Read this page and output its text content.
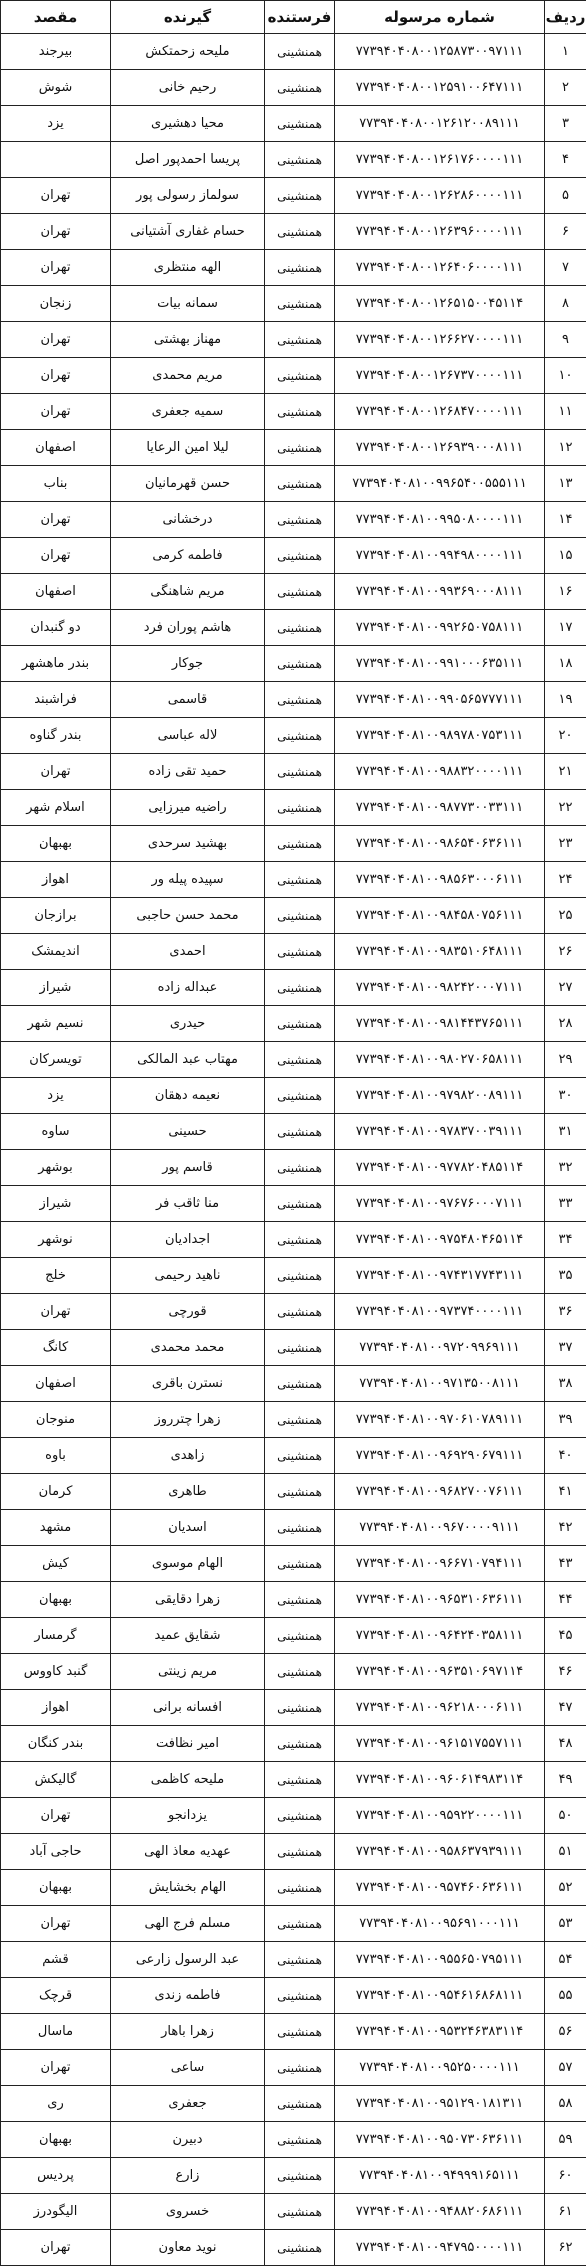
ردیف	شماره مرسوله	فرستنده	گیرنده	مقصد
۱	۷۷۳۹۴۰۴۰۸۰۰۱۲۵۸۷۳۰۰۹۷۱۱۱	همنشینی	ملیحه زحمتکش	بیرجند
۲	۷۷۳۹۴۰۴۰۸۰۰۱۲۵۹۱۰۰۶۴۷۱۱۱	همنشینی	رحیم خانی	شوش
۳	۷۷۳۹۴۰۴۰۸۰۰۱۲۶۱۲۰۰۸۹۱۱۱	همنشینی	محیا دهشیری	یزد
۴	۷۷۳۹۴۰۴۰۸۰۰۱۲۶۱۷۶۰۰۰۰۱۱۱	همنشینی	پریسا احمدپور اصل	
۵	۷۷۳۹۴۰۴۰۸۰۰۱۲۶۲۸۶۰۰۰۰۱۱۱	همنشینی	سولماز رسولی پور	تهران
۶	۷۷۳۹۴۰۴۰۸۰۰۱۲۶۳۹۶۰۰۰۰۱۱۱	همنشینی	حسام غفاری آشتیانی	تهران
۷	۷۷۳۹۴۰۴۰۸۰۰۱۲۶۴۰۶۰۰۰۰۱۱۱	همنشینی	الهه منتظری	تهران
۸	۷۷۳۹۴۰۴۰۸۰۰۱۲۶۵۱۵۰۰۴۵۱۱۴	همنشینی	سمانه بیات	زنجان
۹	۷۷۳۹۴۰۴۰۸۰۰۱۲۶۶۲۷۰۰۰۰۱۱۱	همنشینی	مهناز بهشتی	تهران
۱۰	۷۷۳۹۴۰۴۰۸۰۰۱۲۶۷۳۷۰۰۰۰۱۱۱	همنشینی	مریم محمدی	تهران
۱۱	۷۷۳۹۴۰۴۰۸۰۰۱۲۶۸۴۷۰۰۰۰۱۱۱	همنشینی	سمیه جعفری	تهران
۱۲	۷۷۳۹۴۰۴۰۸۰۰۱۲۶۹۳۹۰۰۰۸۱۱۱	همنشینی	لیلا امین الرعایا	اصفهان
۱۳	۷۷۳۹۴۰۴۰۸۱۰۰۹۹۶۵۴۰۰۵۵۵۱۱۱	همنشینی	حسن قهرمانیان	بناب
۱۴	۷۷۳۹۴۰۴۰۸۱۰۰۹۹۵۰۸۰۰۰۰۱۱۱	همنشینی	درخشانی	تهران
۱۵	۷۷۳۹۴۰۴۰۸۱۰۰۹۹۴۹۸۰۰۰۰۱۱۱	همنشینی	فاطمه کرمی	تهران
۱۶	۷۷۳۹۴۰۴۰۸۱۰۰۹۹۳۶۹۰۰۰۸۱۱۱	همنشینی	مریم شاهنگی	اصفهان
۱۷	۷۷۳۹۴۰۴۰۸۱۰۰۹۹۲۶۵۰۷۵۸۱۱۱	همنشینی	هاشم پوران فرد	دو گنبدان
۱۸	۷۷۳۹۴۰۴۰۸۱۰۰۹۹۱۰۰۰۶۳۵۱۱۱	همنشینی	جوکار	بندر ماهشهر
۱۹	۷۷۳۹۴۰۴۰۸۱۰۰۹۹۰۵۶۵۷۷۷۱۱۱	همنشینی	قاسمی	فراشبند
۲۰	۷۷۳۹۴۰۴۰۸۱۰۰۹۸۹۷۸۰۷۵۳۱۱۱	همنشینی	لاله عباسی	بندر گناوه
۲۱	۷۷۳۹۴۰۴۰۸۱۰۰۹۸۸۳۲۰۰۰۰۱۱۱	همنشینی	حمید تقی زاده	تهران
۲۲	۷۷۳۹۴۰۴۰۸۱۰۰۹۸۷۷۳۰۰۳۳۱۱۱	همنشینی	راضیه میرزایی	اسلام شهر
۲۳	۷۷۳۹۴۰۴۰۸۱۰۰۹۸۶۵۴۰۶۳۶۱۱۱	همنشینی	بهشید سرحدی	بهبهان
۲۴	۷۷۳۹۴۰۴۰۸۱۰۰۹۸۵۶۳۰۰۰۶۱۱۱	همنشینی	سپیده پیله ور	اهواز
۲۵	۷۷۳۹۴۰۴۰۸۱۰۰۹۸۴۵۸۰۷۵۶۱۱۱	همنشینی	محمد حسن حاجبی	برازجان
۲۶	۷۷۳۹۴۰۴۰۸۱۰۰۹۸۳۵۱۰۶۴۸۱۱۱	همنشینی	احمدی	اندیمشک
۲۷	۷۷۳۹۴۰۴۰۸۱۰۰۹۸۲۴۲۰۰۰۷۱۱۱	همنشینی	عبداله زاده	شیراز
۲۸	۷۷۳۹۴۰۴۰۸۱۰۰۹۸۱۴۴۳۷۶۵۱۱۱	همنشینی	حیدری	نسیم شهر
۲۹	۷۷۳۹۴۰۴۰۸۱۰۰۹۸۰۲۷۰۶۵۸۱۱۱	همنشینی	مهتاب عبد المالکی	تویسرکان
۳۰	۷۷۳۹۴۰۴۰۸۱۰۰۹۷۹۸۲۰۰۸۹۱۱۱	همنشینی	نعیمه دهقان	یزد
۳۱	۷۷۳۹۴۰۴۰۸۱۰۰۹۷۸۳۷۰۰۳۹۱۱۱	همنشینی	حسینی	ساوه
۳۲	۷۷۳۹۴۰۴۰۸۱۰۰۹۷۷۸۲۰۴۸۵۱۱۴	همنشینی	قاسم پور	بوشهر
۳۳	۷۷۳۹۴۰۴۰۸۱۰۰۹۷۶۷۶۰۰۰۷۱۱۱	همنشینی	منا ثاقب فر	شیراز
۳۴	۷۷۳۹۴۰۴۰۸۱۰۰۹۷۵۴۸۰۴۶۵۱۱۴	همنشینی	اجدادیان	نوشهر
۳۵	۷۷۳۹۴۰۴۰۸۱۰۰۹۷۴۳۱۷۷۴۳۱۱۱	همنشینی	ناهید رحیمی	خلج
۳۶	۷۷۳۹۴۰۴۰۸۱۰۰۹۷۳۷۴۰۰۰۰۱۱۱	همنشینی	قورچی	تهران
۳۷	۷۷۳۹۴۰۴۰۸۱۰۰۹۷۲۰۹۹۶۹۱۱۱	همنشینی	محمد محمدی	کانگ
۳۸	۷۷۳۹۴۰۴۰۸۱۰۰۹۷۱۳۵۰۰۸۱۱۱	همنشینی	نسترن باقری	اصفهان
۳۹	۷۷۳۹۴۰۴۰۸۱۰۰۹۷۰۶۱۰۷۸۹۱۱۱	همنشینی	زهرا چترروز	منوجان
۴۰	۷۷۳۹۴۰۴۰۸۱۰۰۹۶۹۲۹۰۶۷۹۱۱۱	همنشینی	زاهدی	باوه
۴۱	۷۷۳۹۴۰۴۰۸۱۰۰۹۶۸۲۷۰۰۷۶۱۱۱	همنشینی	طاهری	کرمان
۴۲	۷۷۳۹۴۰۴۰۸۱۰۰۹۶۷۰۰۰۰۹۱۱۱	همنشینی	اسدیان	مشهد
۴۳	۷۷۳۹۴۰۴۰۸۱۰۰۹۶۶۷۱۰۷۹۴۱۱۱	همنشینی	الهام موسوی	کیش
۴۴	۷۷۳۹۴۰۴۰۸۱۰۰۹۶۵۳۱۰۶۳۶۱۱۱	همنشینی	زهرا دقایقی	بهبهان
۴۵	۷۷۳۹۴۰۴۰۸۱۰۰۹۶۴۲۴۰۳۵۸۱۱۱	همنشینی	شقایق عمید	گرمسار
۴۶	۷۷۳۹۴۰۴۰۸۱۰۰۹۶۳۵۱۰۶۹۷۱۱۴	همنشینی	مریم زینتی	گنبد کاووس
۴۷	۷۷۳۹۴۰۴۰۸۱۰۰۹۶۲۱۸۰۰۰۶۱۱۱	همنشینی	افسانه برانی	اهواز
۴۸	۷۷۳۹۴۰۴۰۸۱۰۰۹۶۱۵۱۷۵۵۷۱۱۱	همنشینی	امیر نظافت	بندر کنگان
۴۹	۷۷۳۹۴۰۴۰۸۱۰۰۹۶۰۶۱۴۹۸۳۱۱۴	همنشینی	ملیحه کاظمی	گالیکش
۵۰	۷۷۳۹۴۰۴۰۸۱۰۰۹۵۹۲۲۰۰۰۰۱۱۱	همنشینی	یزدانجو	تهران
۵۱	۷۷۳۹۴۰۴۰۸۱۰۰۹۵۸۶۳۷۹۳۹۱۱۱	همنشینی	عهدیه معاذ الهی	حاجی آباد
۵۲	۷۷۳۹۴۰۴۰۸۱۰۰۹۵۷۴۶۰۶۳۶۱۱۱	همنشینی	الهام بخشایش	بهبهان
۵۳	۷۷۳۹۴۰۴۰۸۱۰۰۹۵۶۹۱۰۰۰۱۱۱	همنشینی	مسلم فرج الهی	تهران
۵۴	۷۷۳۹۴۰۴۰۸۱۰۰۹۵۵۶۵۰۷۹۵۱۱۱	همنشینی	عبد الرسول زارعی	قشم
۵۵	۷۷۳۹۴۰۴۰۸۱۰۰۹۵۴۶۱۶۸۶۸۱۱۱	همنشینی	فاطمه زندی	قرچک
۵۶	۷۷۳۹۴۰۴۰۸۱۰۰۹۵۳۲۴۶۳۸۳۱۱۴	همنشینی	زهرا باهار	ماسال
۵۷	۷۷۳۹۴۰۴۰۸۱۰۰۹۵۲۵۰۰۰۰۱۱۱	همنشینی	ساعی	تهران
۵۸	۷۷۳۹۴۰۴۰۸۱۰۰۹۵۱۲۹۰۱۸۱۳۱۱	همنشینی	جعفری	ری
۵۹	۷۷۳۹۴۰۴۰۸۱۰۰۹۵۰۷۳۰۶۳۶۱۱۱	همنشینی	دبیرن	بهبهان
۶۰	۷۷۳۹۴۰۴۰۸۱۰۰۹۴۹۹۹۱۶۵۱۱۱	همنشینی	زارع	پردیس
۶۱	۷۷۳۹۴۰۴۰۸۱۰۰۹۴۸۸۲۰۶۸۶۱۱۱	همنشینی	خسروی	الیگودرز
۶۲	۷۷۳۹۴۰۴۰۸۱۰۰۹۴۷۹۵۰۰۰۰۱۱۱	همنشینی	نوید معاون	تهران
